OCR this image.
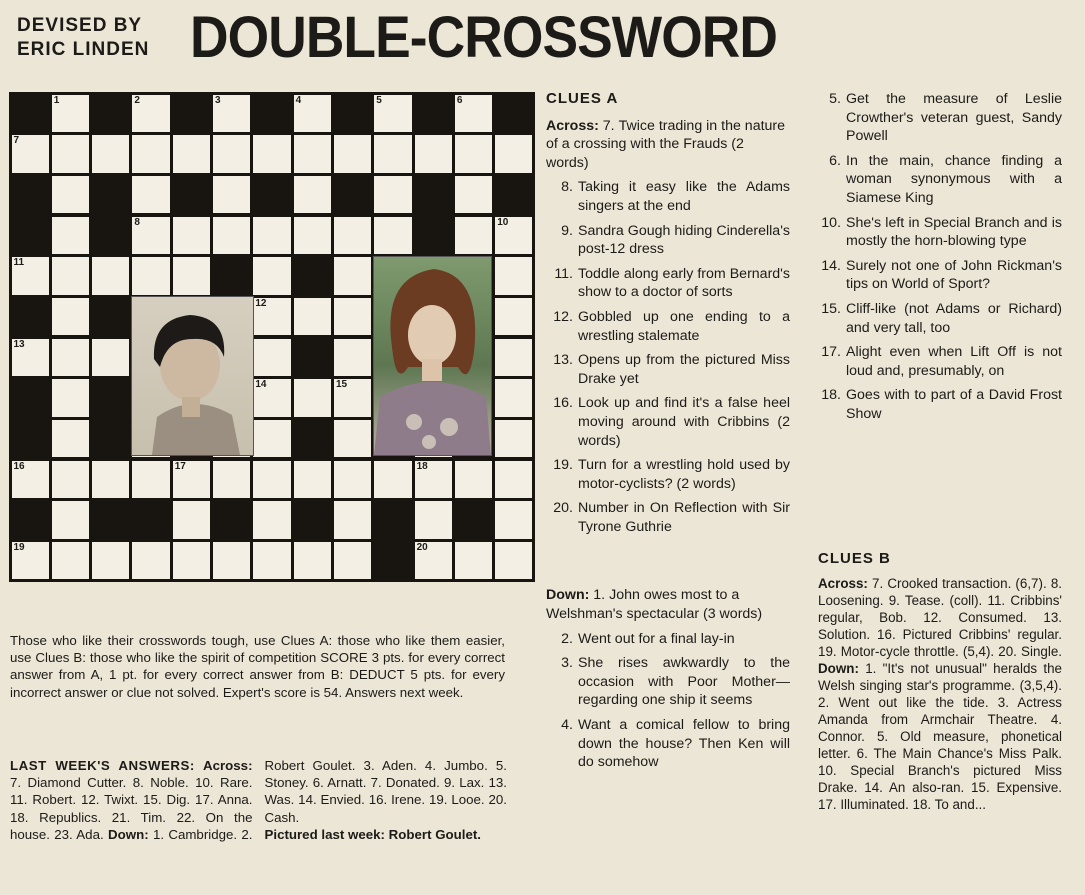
DEVISED BY
ERIC LINDEN DOUBLE-CROSSWORD
1	2	3	4	5	6
7
8	10
11
12
13
14	15
16	17	18
19	20
CLUES A
Across: 7. Twice trading in the nature of a crossing with the Frauds (2 words)
8. Taking it easy like the Adams singers at the end
9. Sandra Gough hiding Cinderella's post-12 dress
11. Toddle along early from Bernard's show to a doctor of sorts
12. Gobbled up one ending to a wrestling stalemate
13. Opens up from the pictured Miss Drake yet
16. Look up and find it's a false heel moving around with Cribbins (2 words)
19. Turn for a wrestling hold used by motor-cyclists? (2 words)
20. Number in On Reflection with Sir Tyrone Guthrie
Down: 1. John owes most to a Welshman's spectacular (3 words)
2. Went out for a final lay-in
3. She rises awkwardly to the occasion with Poor Mother—regarding one ship it seems
4. Want a comical fellow to bring down the house? Then Ken will do somehow
5. Get the measure of Leslie Crowther's veteran guest, Sandy Powell
6. In the main, chance finding a woman synonymous with a Siamese King
10. She's left in Special Branch and is mostly the horn-blowing type
14. Surely not one of John Rickman's tips on World of Sport?
15. Cliff-like (not Adams or Richard) and very tall, too
17. Alight even when Lift Off is not loud and, presumably, on
18. Goes with to part of a David Frost Show
CLUES B
Across: 7. Crooked transaction. (6,7). 8. Loosening. 9. Tease. (coll). 11. Cribbins' regular, Bob. 12. Consumed. 13. Solution. 16. Pictured Cribbins' regular. 19. Motor-cycle throttle. (5,4). 20. Single. Down: 1. "It's not unusual" heralds the Welsh singing star's programme. (3,5,4). 2. Went out like the tide. 3. Actress Amanda from Armchair Theatre. 4. Connor. 5. Old measure, phonetical letter. 6. The Main Chance's Miss Palk. 10. Special Branch's pictured Miss Drake. 14. An also-ran. 15. Expensive. 17. Illuminated. 18. To and...
Those who like their crosswords tough, use Clues A: those who like them easier, use Clues B: those who like the spirit of competition SCORE 3 pts. for every correct answer from A, 1 pt. for every correct answer from B: DEDUCT 5 pts. for every incorrect answer or clue not solved. Expert's score is 54. Answers next week.
LAST WEEK'S ANSWERS: Across: 7. Diamond Cutter. 8. Noble. 10. Rare. 11. Robert. 12. Twixt. 15. Dig. 17. Anna. 18. Republics. 21. Tim. 22. On the house. 23. Ada. Down: 1. Cambridge. 2. Robert Goulet. 3. Aden. 4. Jumbo. 5. Stoney. 6. Arnatt. 7. Donated. 9. Lax. 13. Was. 14. Envied. 16. Irene. 19. Looe. 20. Cash.
Pictured last week: Robert Goulet.
